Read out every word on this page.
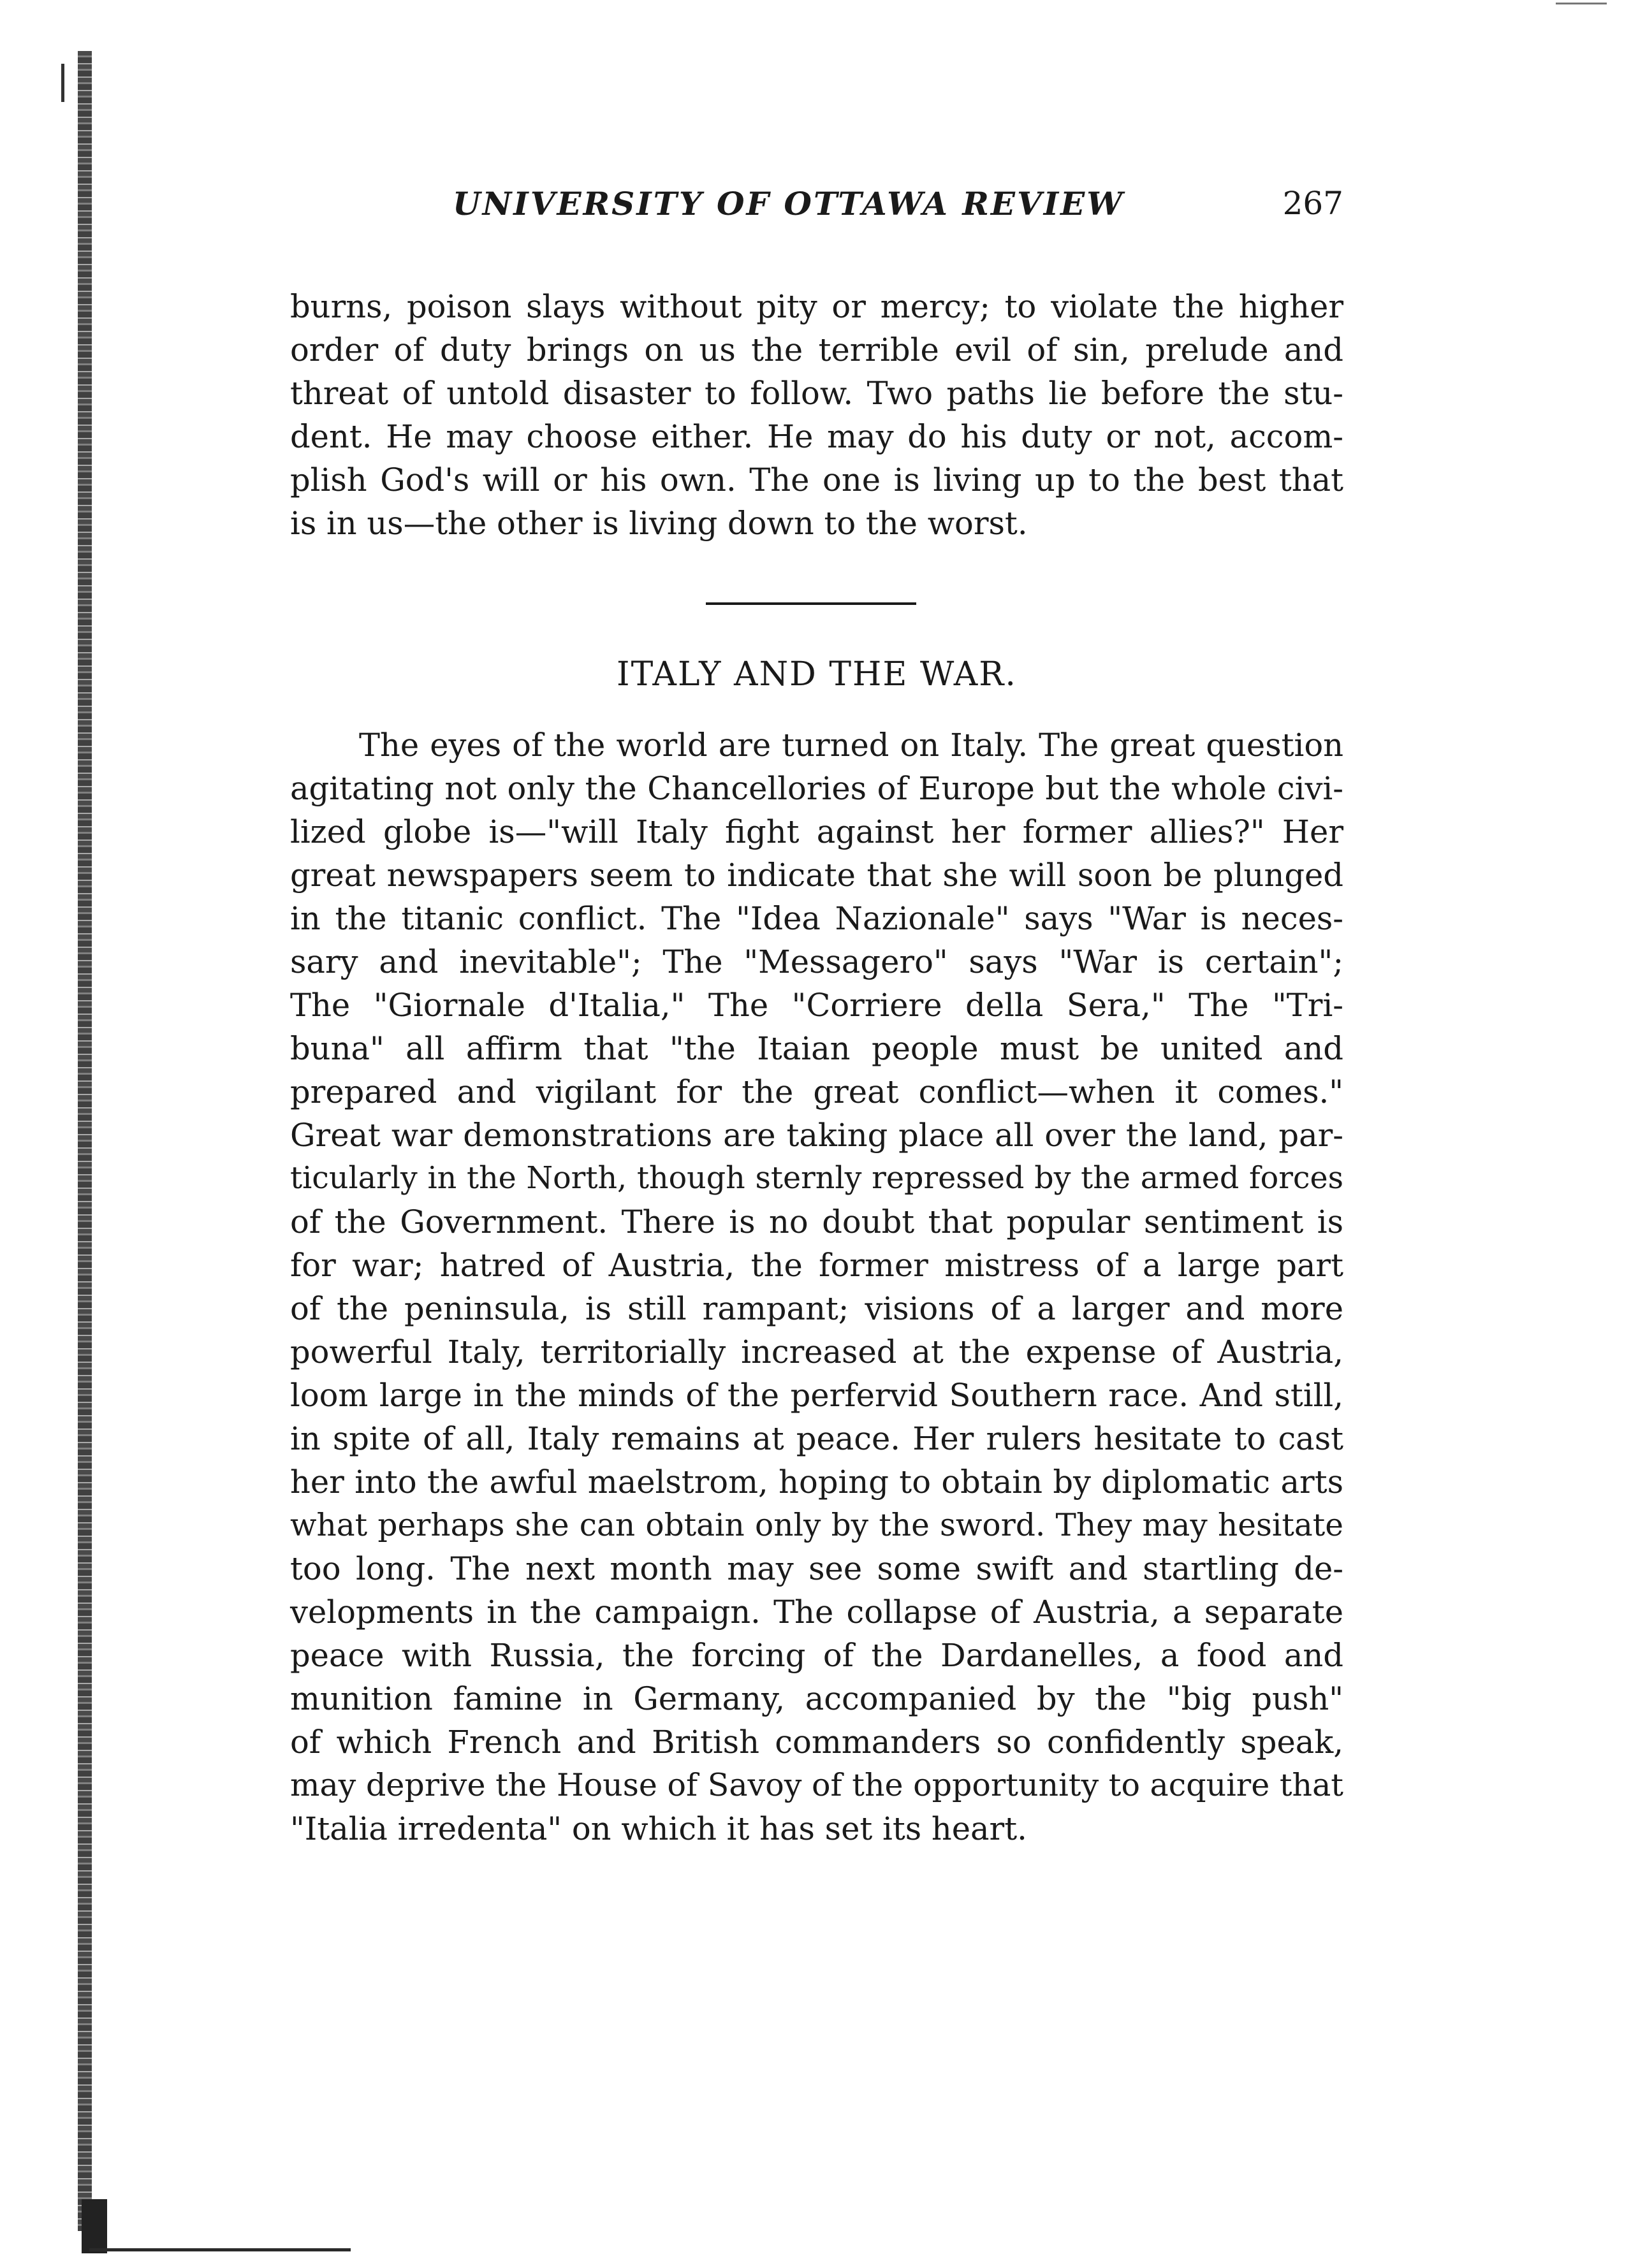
UNIVERSITY OF OTTAWA REVIEW	267
burns, poison slays without pity or mercy; to violate the higher
order of duty brings on us the terrible evil of sin, prelude and
threat of untold disaster to follow. Two paths lie before the stu-
dent. He may choose either. He may do his duty or not, accom-
plish God's will or his own. The one is living up to the best that
is in us—the other is living down to the worst.
ITALY AND THE WAR.
The eyes of the world are turned on Italy. The great question
agitating not only the Chancellories of Europe but the whole civi-
lized globe is—"will Italy fight against her former allies?" Her
great newspapers seem to indicate that she will soon be plunged
in the titanic conflict. The "Idea Nazionale" says "War is neces-
sary and inevitable"; The "Messagero" says "War is certain";
The "Giornale d'Italia," The "Corriere della Sera," The "Tri-
buna" all affirm that "the Itaian people must be united and
prepared and vigilant for the great conflict—when it comes."
Great war demonstrations are taking place all over the land, par-
ticularly in the North, though sternly repressed by the armed forces
of the Government. There is no doubt that popular sentiment is
for war; hatred of Austria, the former mistress of a large part
of the peninsula, is still rampant; visions of a larger and more
powerful Italy, territorially increased at the expense of Austria,
loom large in the minds of the perfervid Southern race. And still,
in spite of all, Italy remains at peace. Her rulers hesitate to cast
her into the awful maelstrom, hoping to obtain by diplomatic arts
what perhaps she can obtain only by the sword. They may hesitate
too long. The next month may see some swift and startling de-
velopments in the campaign. The collapse of Austria, a separate
peace with Russia, the forcing of the Dardanelles, a food and
munition famine in Germany, accompanied by the "big push"
of which French and British commanders so confidently speak,
may deprive the House of Savoy of the opportunity to acquire that
"Italia irredenta" on which it has set its heart.
